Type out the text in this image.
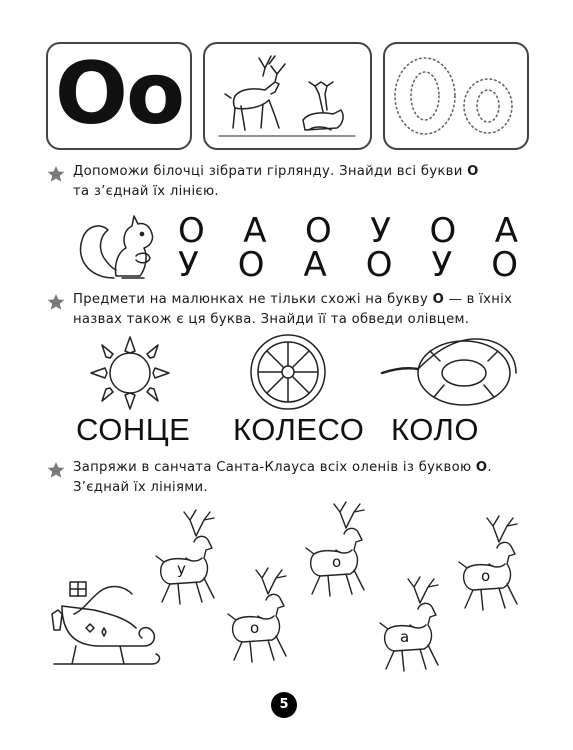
Оо
Допоможи білочці зібрати гірлянду. Знайди всі букви О
та з’єднай їх лінією.
О А О У О А
У О А О У О
Предмети на малюнках не тільки схожі на букву О — в їхніх
назвах також є ця буква. Знайди її та обведи олівцем.
СОНЦЕ КОЛЕСО КОЛО
Запряжи в санчата Санта-Клауса всіх оленів із буквою О.
З’єднай їх лініями.
у	о
о
о	а
5
